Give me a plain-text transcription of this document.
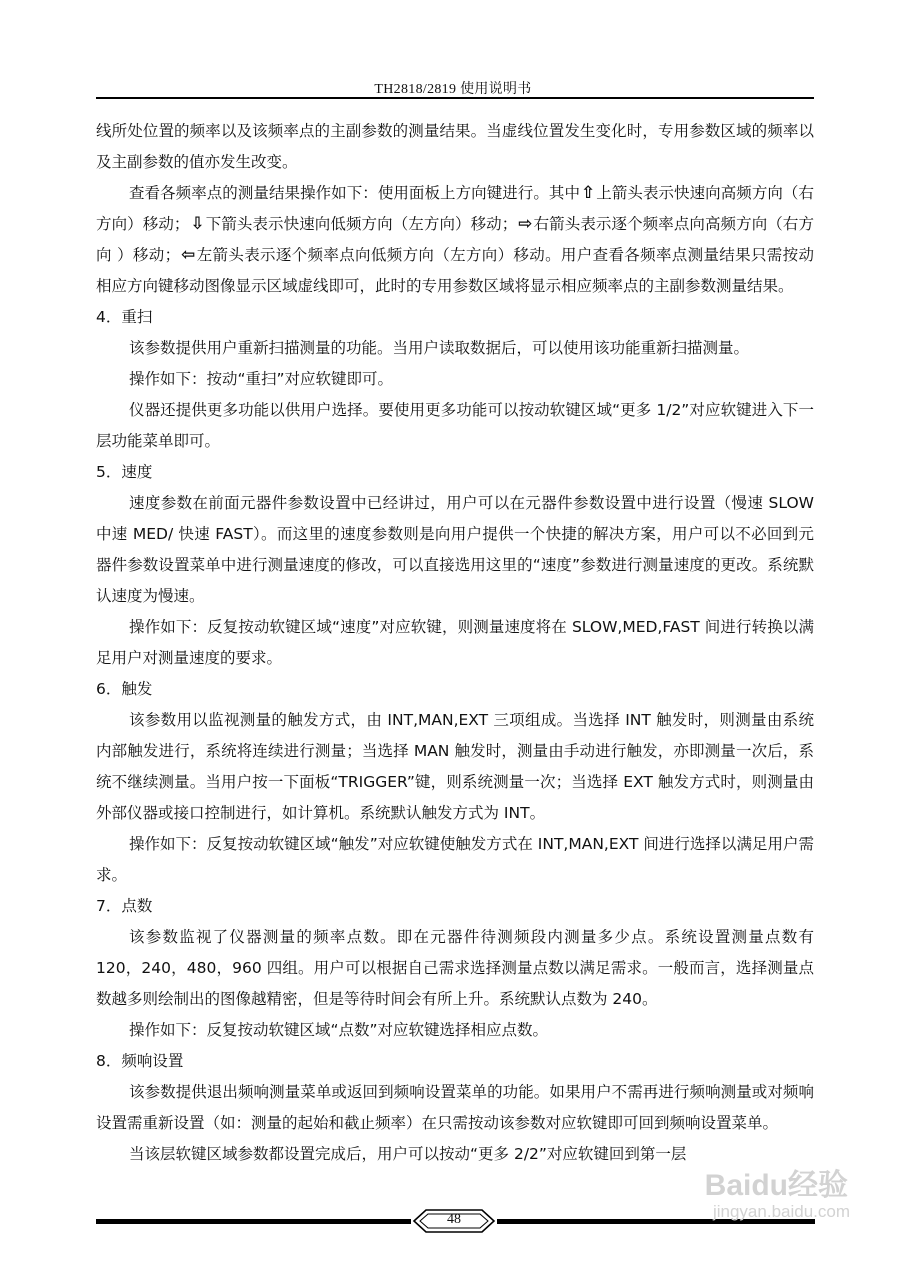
TH2818/2819 使用说明书

线所处位置的频率以及该频率点的主副参数的测量结果。当虚线位置发生变化时，专用参数区域的频率以及主副参数的值亦发生改变。

查看各频率点的测量结果操作如下：使用面板上方向键进行。其中⇧上箭头表示快速向高频方向（右方向）移动；⇩下箭头表示快速向低频方向（左方向）移动；⇨右箭头表示逐个频率点向高频方向（右方向 ）移动；⇦左箭头表示逐个频率点向低频方向（左方向）移动。用户查看各频率点测量结果只需按动相应方向键移动图像显示区域虚线即可，此时的专用参数区域将显示相应频率点的主副参数测量结果。

4．重扫

该参数提供用户重新扫描测量的功能。当用户读取数据后，可以使用该功能重新扫描测量。

操作如下：按动“重扫”对应软键即可。

仪器还提供更多功能以供用户选择。要使用更多功能可以按动软键区域“更多 1/2”对应软键进入下一层功能菜单即可。

5．速度

速度参数在前面元器件参数设置中已经讲过，用户可以在元器件参数设置中进行设置（慢速 SLOW 中速 MED/ 快速 FAST）。而这里的速度参数则是向用户提供一个快捷的解决方案，用户可以不必回到元器件参数设置菜单中进行测量速度的修改，可以直接选用这里的“速度”参数进行测量速度的更改。系统默认速度为慢速。

操作如下：反复按动软键区域“速度”对应软键，则测量速度将在 SLOW,MED,FAST 间进行转换以满足用户对测量速度的要求。

6．触发

该参数用以监视测量的触发方式，由 INT,MAN,EXT 三项组成。当选择 INT 触发时，则测量由系统内部触发进行，系统将连续进行测量；当选择 MAN 触发时，测量由手动进行触发，亦即测量一次后，系统不继续测量。当用户按一下面板“TRIGGER”键，则系统测量一次；当选择 EXT 触发方式时，则测量由外部仪器或接口控制进行，如计算机。系统默认触发方式为 INT。

操作如下：反复按动软键区域“触发”对应软键使触发方式在 INT,MAN,EXT 间进行选择以满足用户需求。

7．点数

该参数监视了仪器测量的频率点数。即在元器件待测频段内测量多少点。系统设置测量点数有 120，240，480，960 四组。用户可以根据自己需求选择测量点数以满足需求。一般而言，选择测量点数越多则绘制出的图像越精密，但是等待时间会有所上升。系统默认点数为 240。

操作如下：反复按动软键区域“点数”对应软键选择相应点数。

8．频响设置

该参数提供退出频响测量菜单或返回到频响设置菜单的功能。如果用户不需再进行频响测量或对频响设置需重新设置（如：测量的起始和截止频率）在只需按动该参数对应软键即可回到频响设置菜单。

当该层软键区域参数都设置完成后，用户可以按动“更多 2/2”对应软键回到第一层

48
Baidu经验
jingyan.baidu.com
